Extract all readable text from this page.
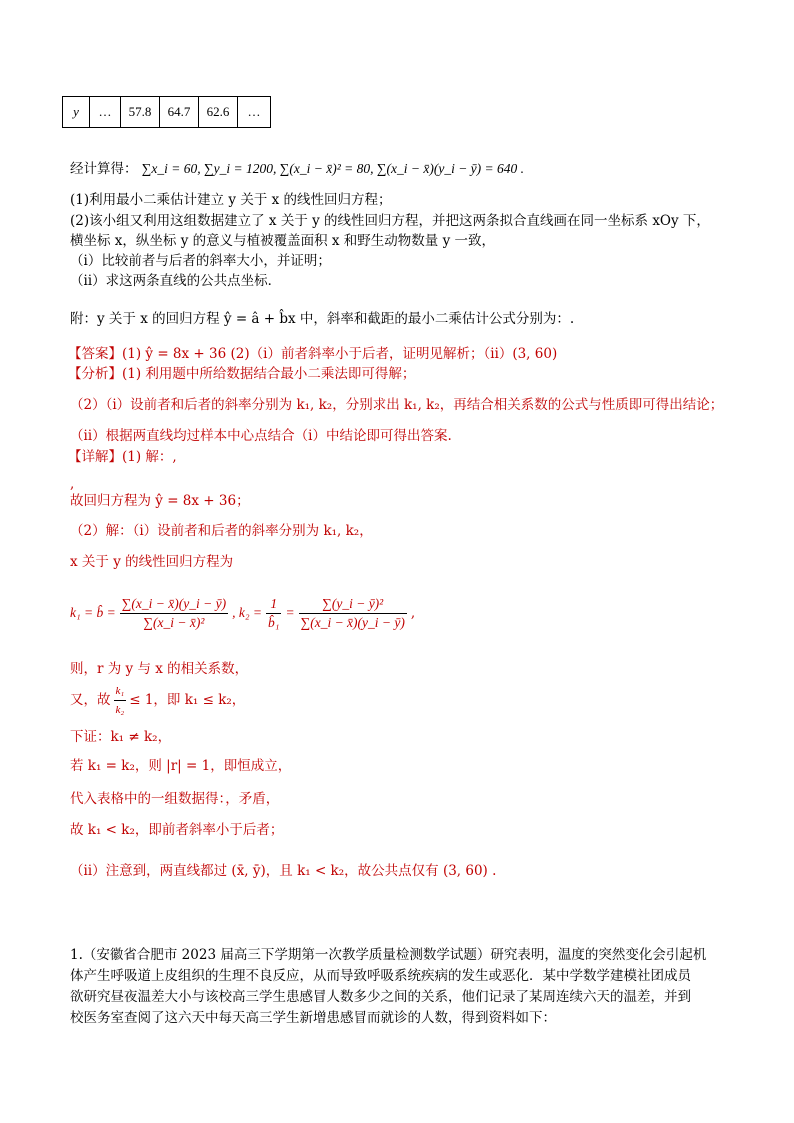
y	…	57.8	64.7	62.6	…
经计算得： ∑x_i = 60, ∑y_i = 1200, ∑(x_i − x̄)² = 80, ∑(x_i − x̄)(y_i − ȳ) = 640 .
(1)利用最小二乘估计建立 y 关于 x 的线性回归方程；
(2)该小组又利用这组数据建立了 x 关于 y 的线性回归方程，并把这两条拟合直线画在同一坐标系 xOy 下，
横坐标 x，纵坐标 y 的意义与植被覆盖面积 x 和野生动物数量 y 一致，
（ⅰ）比较前者与后者的斜率大小，并证明；
（ⅱ）求这两条直线的公共点坐标．
附：y 关于 x 的回归方程 ŷ = â + b̂x 中，斜率和截距的最小二乘估计公式分别为：.
【答案】(1) ŷ = 8x + 36 (2)（ⅰ）前者斜率小于后者，证明见解析；（ⅱ）(3, 60)
【分析】(1) 利用题中所给数据结合最小二乘法即可得解；
（2）（ⅰ）设前者和后者的斜率分别为 k₁, k₂，分别求出 k₁, k₂，再结合相关系数的公式与性质即可得出结论；
（ⅱ）根据两直线均过样本中心点结合（ⅰ）中结论即可得出答案.
【详解】(1) 解：,
,
故回归方程为 ŷ = 8x + 36；
（2）解：（ⅰ）设前者和后者的斜率分别为 k₁, k₂，
x 关于 y 的线性回归方程为
k₁ = b̂ = $\frac{\sum(x\_i - x̄)(y\_i - ȳ)}{\text{∑(x\_i − x̄)²}}$ , $k_2 = \frac{1}{\text{b̂₁}} = \frac{\text{∑(y\_i − ȳ)²}}{\sum(x\_i - x̄)(y\_i - ȳ)}$ ,
则，r 为 y 与 x 的相关系数，
又，故 $\frac{\text{k₁}}{\text{k₂}} \le 1$，即 k₁ ≤ k₂，
下证：k₁ ≠ k₂，
若 k₁ = k₂，则 |r| = 1，即恒成立，
代入表格中的一组数据得：，矛盾，
故 k₁ < k₂，即前者斜率小于后者；
（ⅱ）注意到，两直线都过 (x̄, ȳ)，且 k₁ < k₂，故公共点仅有 (3, 60) .
1.（安徽省合肥市 2023 届高三下学期第一次教学质量检测数学试题）研究表明，温度的突然变化会引起机
体产生呼吸道上皮组织的生理不良反应，从而导致呼吸系统疾病的发生或恶化．某中学数学建模社团成员
欲研究昼夜温差大小与该校高三学生患感冒人数多少之间的关系，他们记录了某周连续六天的温差，并到
校医务室查阅了这六天中每天高三学生新增患感冒而就诊的人数，得到资料如下：
